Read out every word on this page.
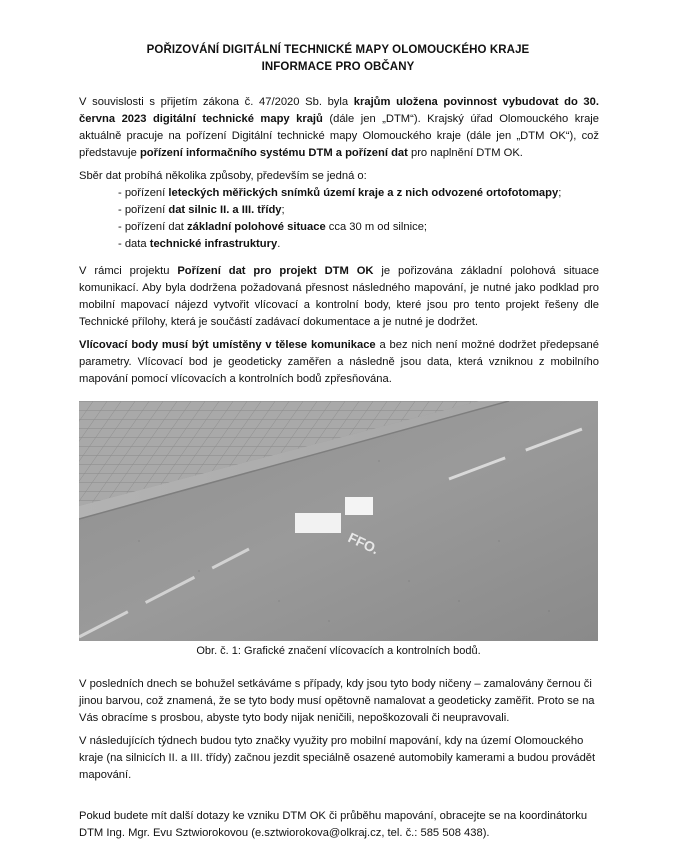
POŘIZOVÁNÍ DIGITÁLNÍ TECHNICKÉ MAPY OLOMOUCKÉHO KRAJE
INFORMACE PRO OBČANY

V souvislosti s přijetím zákona č. 47/2020 Sb. byla krajům uložena povinnost vybudovat do 30. června 2023 digitální technické mapy krajů (dále jen „DTM“). Krajský úřad Olomouckého kraje aktuálně pracuje na pořízení Digitální technické mapy Olomouckého kraje (dále jen „DTM OK“), což představuje pořízení informačního systému DTM a pořízení dat pro naplnění DTM OK.

Sběr dat probíhá několika způsoby, především se jedná o:

- pořízení leteckých měřických snímků území kraje a z nich odvozené ortofotomapy;
- pořízení dat silnic II. a III. třídy;
- pořízení dat základní polohové situace cca 30 m od silnice;
- data technické infrastruktury.

V rámci projektu Pořízení dat pro projekt DTM OK je pořizována základní polohová situace komunikací. Aby byla dodržena požadovaná přesnost následného mapování, je nutné jako podklad pro mobilní mapovací nájezd vytvořit vlícovací a kontrolní body, které jsou pro tento projekt řešeny dle Technické přílohy, která je součástí zadávací dokumentace a je nutné je dodržet.

Vlícovací body musí být umístěny v tělese komunikace a bez nich není možné dodržet předepsané parametry. Vlícovací bod je geodeticky zaměřen a následně jsou data, která vzniknou z mobilního mapování pomocí vlícovacích a kontrolních bodů zpřesňována.

FFO.
Obr. č. 1: Grafické značení vlícovacích a kontrolních bodů.

V posledních dnech se bohužel setkáváme s případy, kdy jsou tyto body ničeny – zamalovány černou či jinou barvou, což znamená, že se tyto body musí opětovně namalovat a geodeticky zaměřit. Proto se na Vás obracíme s prosbou, abyste tyto body nijak neničili, nepoškozovali či neupravovali.

V následujících týdnech budou tyto značky využity pro mobilní mapování, kdy na území Olomouckého kraje (na silnicích II. a III. třídy) začnou jezdit speciálně osazené automobily kamerami a budou provádět mapování.

Pokud budete mít další dotazy ke vzniku DTM OK či průběhu mapování, obracejte se na koordinátorku DTM Ing. Mgr. Evu Sztwiorokovou (e.sztwiorokova@olkraj.cz, tel. č.: 585 508 438).
